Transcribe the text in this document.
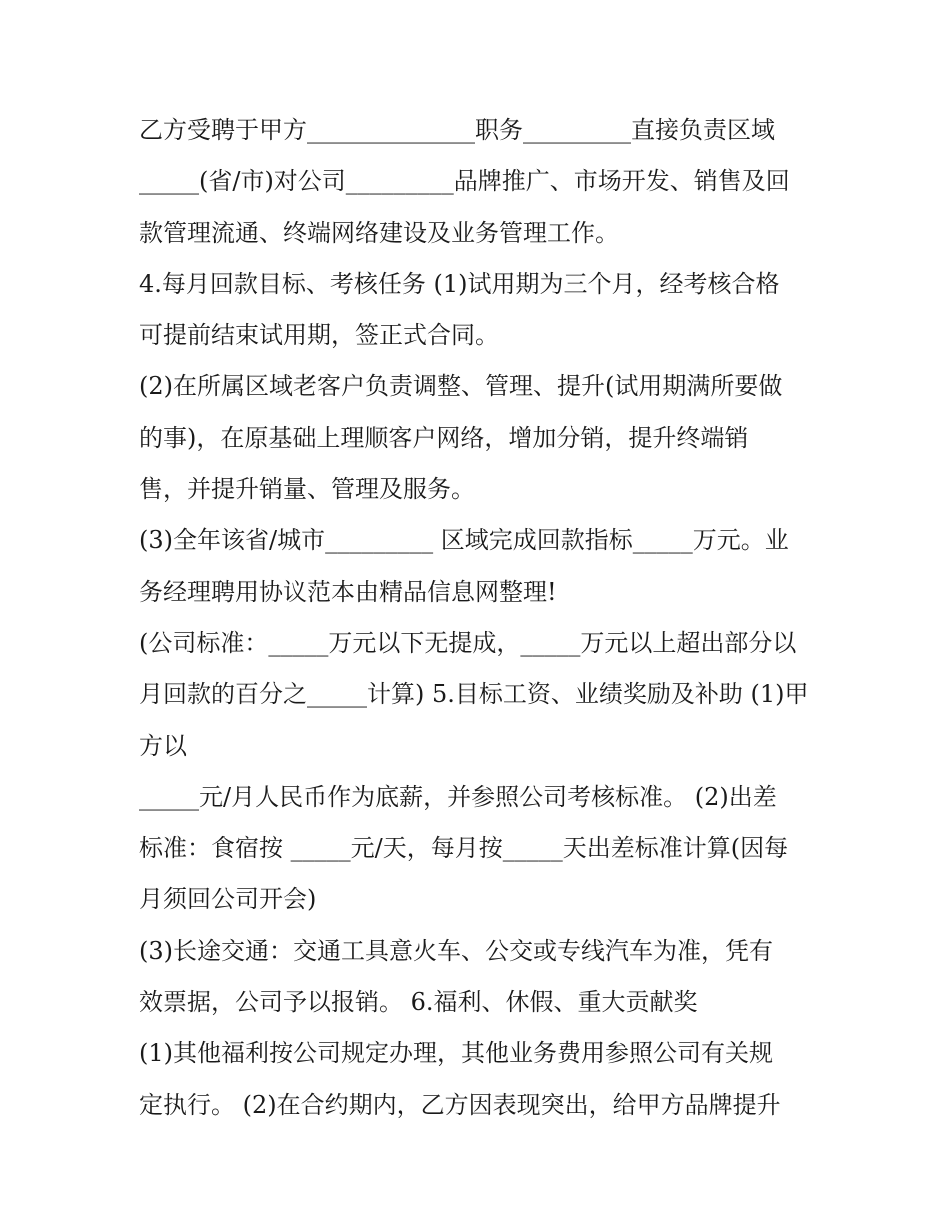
乙方受聘于甲方______________职务_________直接负责区域
_____(省/市)对公司_________品牌推广、市场开发、销售及回
款管理流通、终端网络建设及业务管理工作。
4.每月回款目标、考核任务 (1)试用期为三个月，经考核合格
可提前结束试用期，签正式合同。
(2)在所属区域老客户负责调整、管理、提升(试用期满所要做
的事)，在原基础上理顺客户网络，增加分销，提升终端销
售，并提升销量、管理及服务。
(3)全年该省/城市_________ 区域完成回款指标_____万元。业
务经理聘用协议范本由精品信息网整理!
(公司标准：_____万元以下无提成，_____万元以上超出部分以
月回款的百分之_____计算) 5.目标工资、业绩奖励及补助 (1)甲
方以
_____元/月人民币作为底薪，并参照公司考核标准。 (2)出差
标准：食宿按 _____元/天，每月按_____天出差标准计算(因每
月须回公司开会)
(3)长途交通：交通工具意火车、公交或专线汽车为准，凭有
效票据，公司予以报销。 6.福利、休假、重大贡献奖
(1)其他福利按公司规定办理，其他业务费用参照公司有关规
定执行。 (2)在合约期内，乙方因表现突出，给甲方品牌提升
